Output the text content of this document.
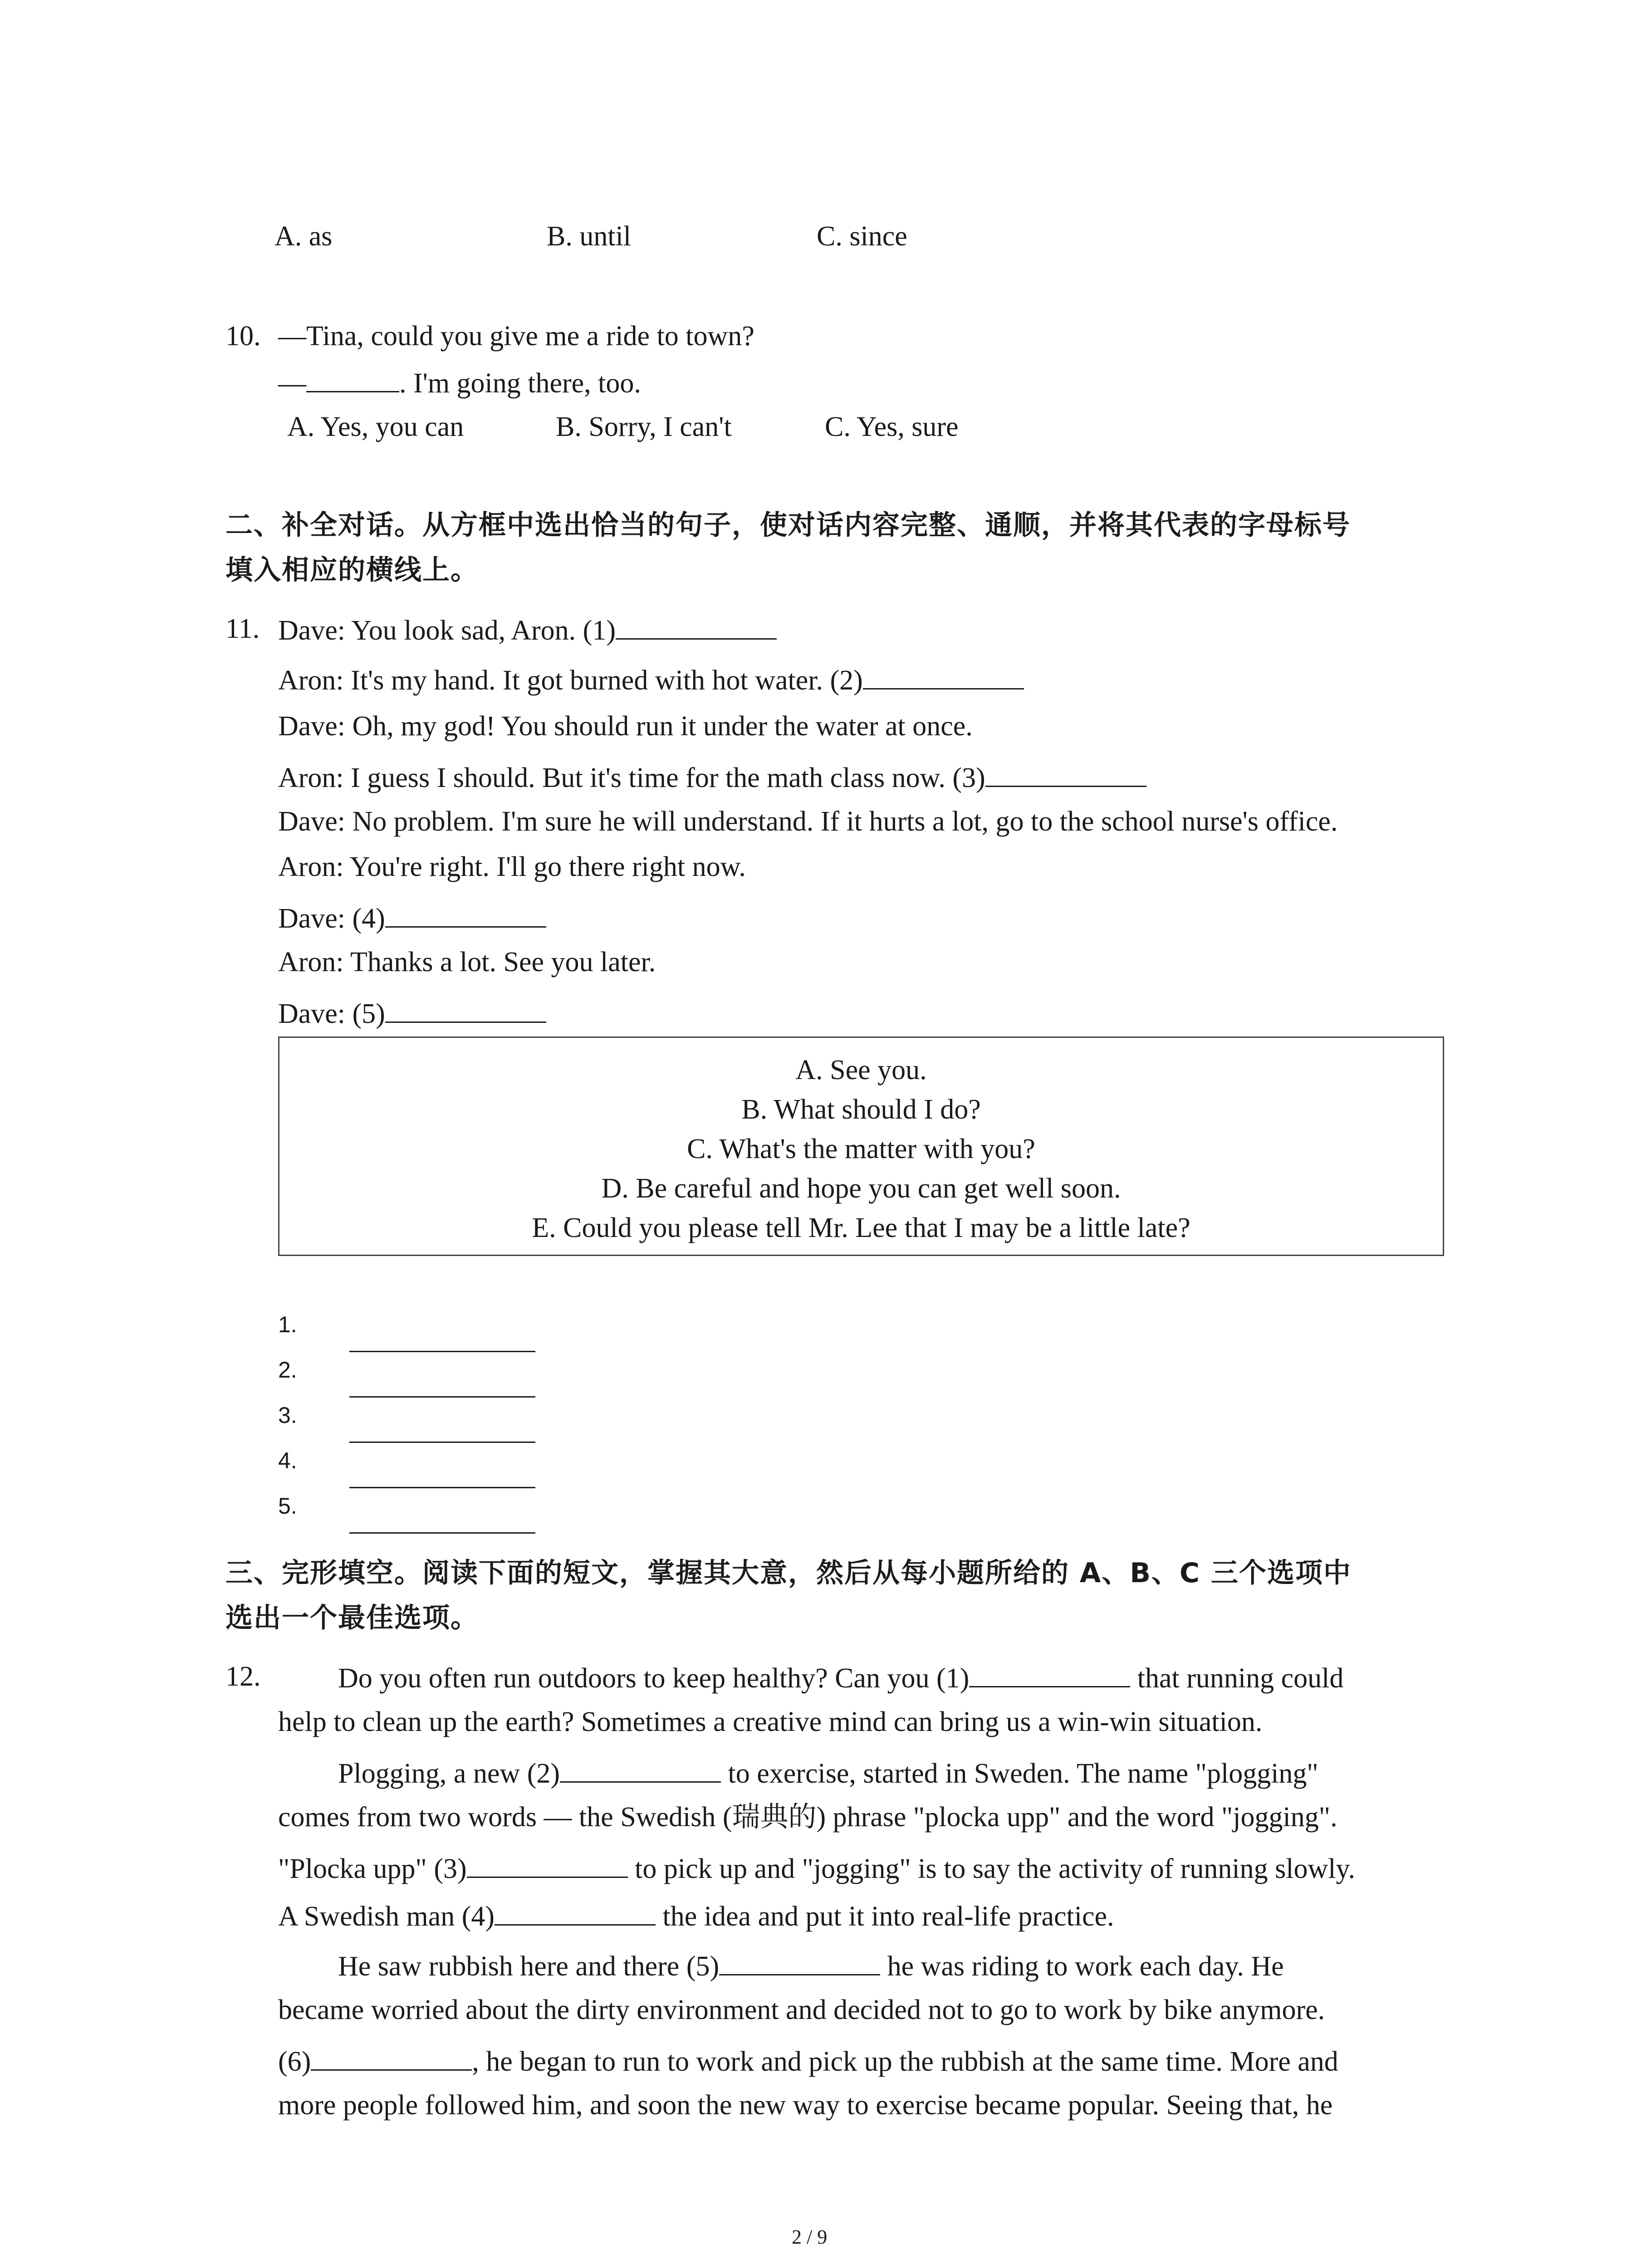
A. as	B. until	C. since
10. —Tina, could you give me a ride to town?
—	. I'm going there, too.
A. Yes, you can	B. Sorry, I can't	C. Yes, sure
二、补全对话。从方框中选出恰当的句子，使对话内容完整、通顺，并将其代表的字母标号
填入相应的横线上。
11. Dave: You look sad, Aron. (1)
Aron: It's my hand. It got burned with hot water. (2)
Dave: Oh, my god! You should run it under the water at once.
Aron: I guess I should. But it's time for the math class now. (3)
Dave: No problem. I'm sure he will understand. If it hurts a lot, go to the school nurse's office.
Aron: You're right. I'll go there right now.
Dave: (4)
Aron: Thanks a lot. See you later.
Dave: (5)
A. See you.
B. What should I do?
C. What's the matter with you?
D. Be careful and hope you can get well soon.
E. Could you please tell Mr. Lee that I may be a little late?
1.
2.
3.
4.
5.
三、完形填空。阅读下面的短文，掌握其大意，然后从每小题所给的 A、B、C 三个选项中
选出一个最佳选项。
12.	Do you often run outdoors to keep healthy? Can you (1)	that running could
help to clean up the earth? Sometimes a creative mind can bring us a win-win situation.
Plogging, a new (2)	to exercise, started in Sweden. The name "plogging"
comes from two words — the Swedish (瑞典的) phrase "plocka upp" and the word "jogging".
"Plocka upp" (3)	to pick up and "jogging" is to say the activity of running slowly.
A Swedish man (4)	the idea and put it into real-life practice.
He saw rubbish here and there (5)	he was riding to work each day. He
became worried about the dirty environment and decided not to go to work by bike anymore.
(6)	, he began to run to work and pick up the rubbish at the same time. More and
more people followed him, and soon the new way to exercise became popular. Seeing that, he
2 / 9
